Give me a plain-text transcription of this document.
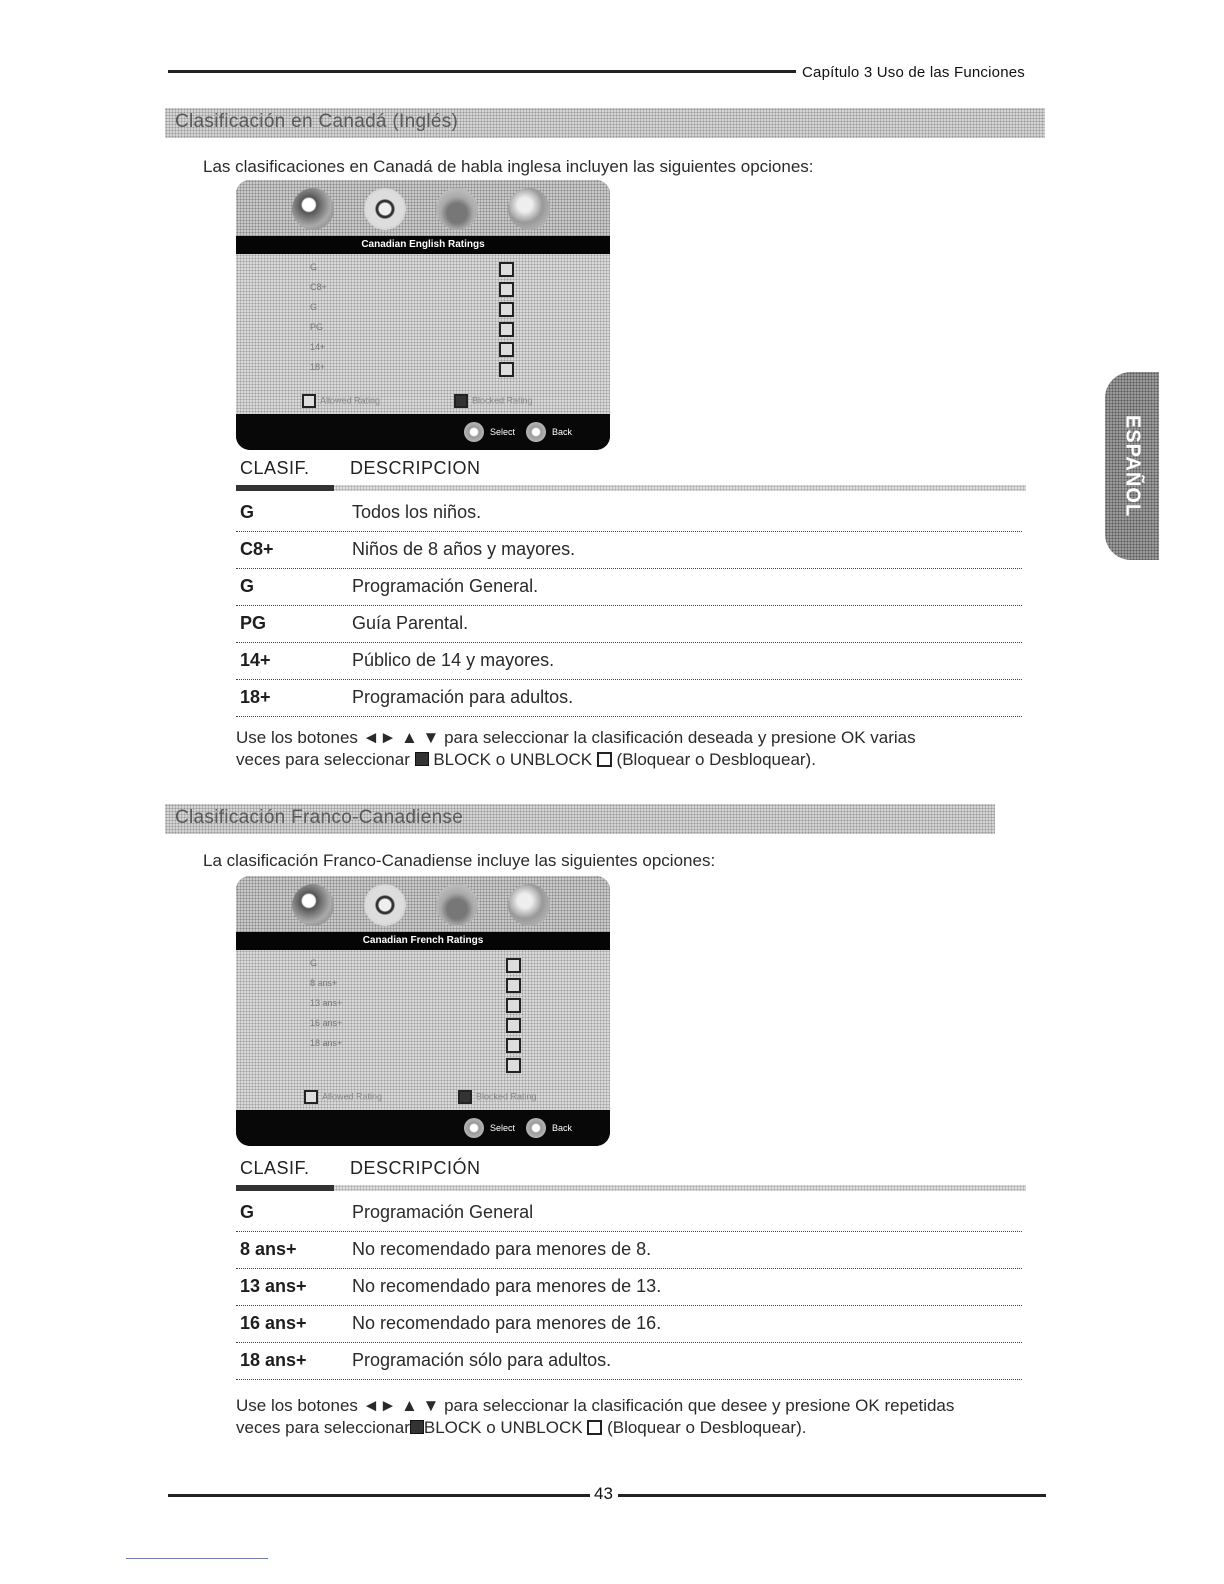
Capítulo 3 Uso de las Funciones
ESPAÑOL
Clasificación en Canadá (Inglés)
Las clasificaciones en Canadá de habla inglesa incluyen las siguientes opciones:
Canadian English Ratings
G
C8+
G
PG
14+
18+
Allowed Rating	Blocked Rating
Select	Back
CLASIF. DESCRIPCION
G	Todos los niños.
C8+	Niños de 8 años y mayores.
G	Programación General.
PG	Guía Parental.
14+	Público de 14 y mayores.
18+	Programación para adultos.
Use los botones ◄► ▲ ▼ para seleccionar la clasificación deseada y presione OK varias
veces para seleccionar BLOCK o UNBLOCK (Bloquear o Desbloquear).
Clasificación Franco-Canadiense
La clasificación Franco-Canadiense incluye las siguientes opciones:
Canadian French Ratings
G
8 ans+
13 ans+
16 ans+
18 ans+
Allowed Rating	Blocked Rating
Select	Back
CLASIF. DESCRIPCIÓN
G	Programación General
8 ans+	No recomendado para menores de 8.
13 ans+	No recomendado para menores de 13.
16 ans+	No recomendado para menores de 16.
18 ans+	Programación sólo para adultos.
Use los botones ◄► ▲ ▼ para seleccionar la clasificación que desee y presione OK repetidas
veces para seleccionar BLOCK o UNBLOCK (Bloquear o Desbloquear).
43
